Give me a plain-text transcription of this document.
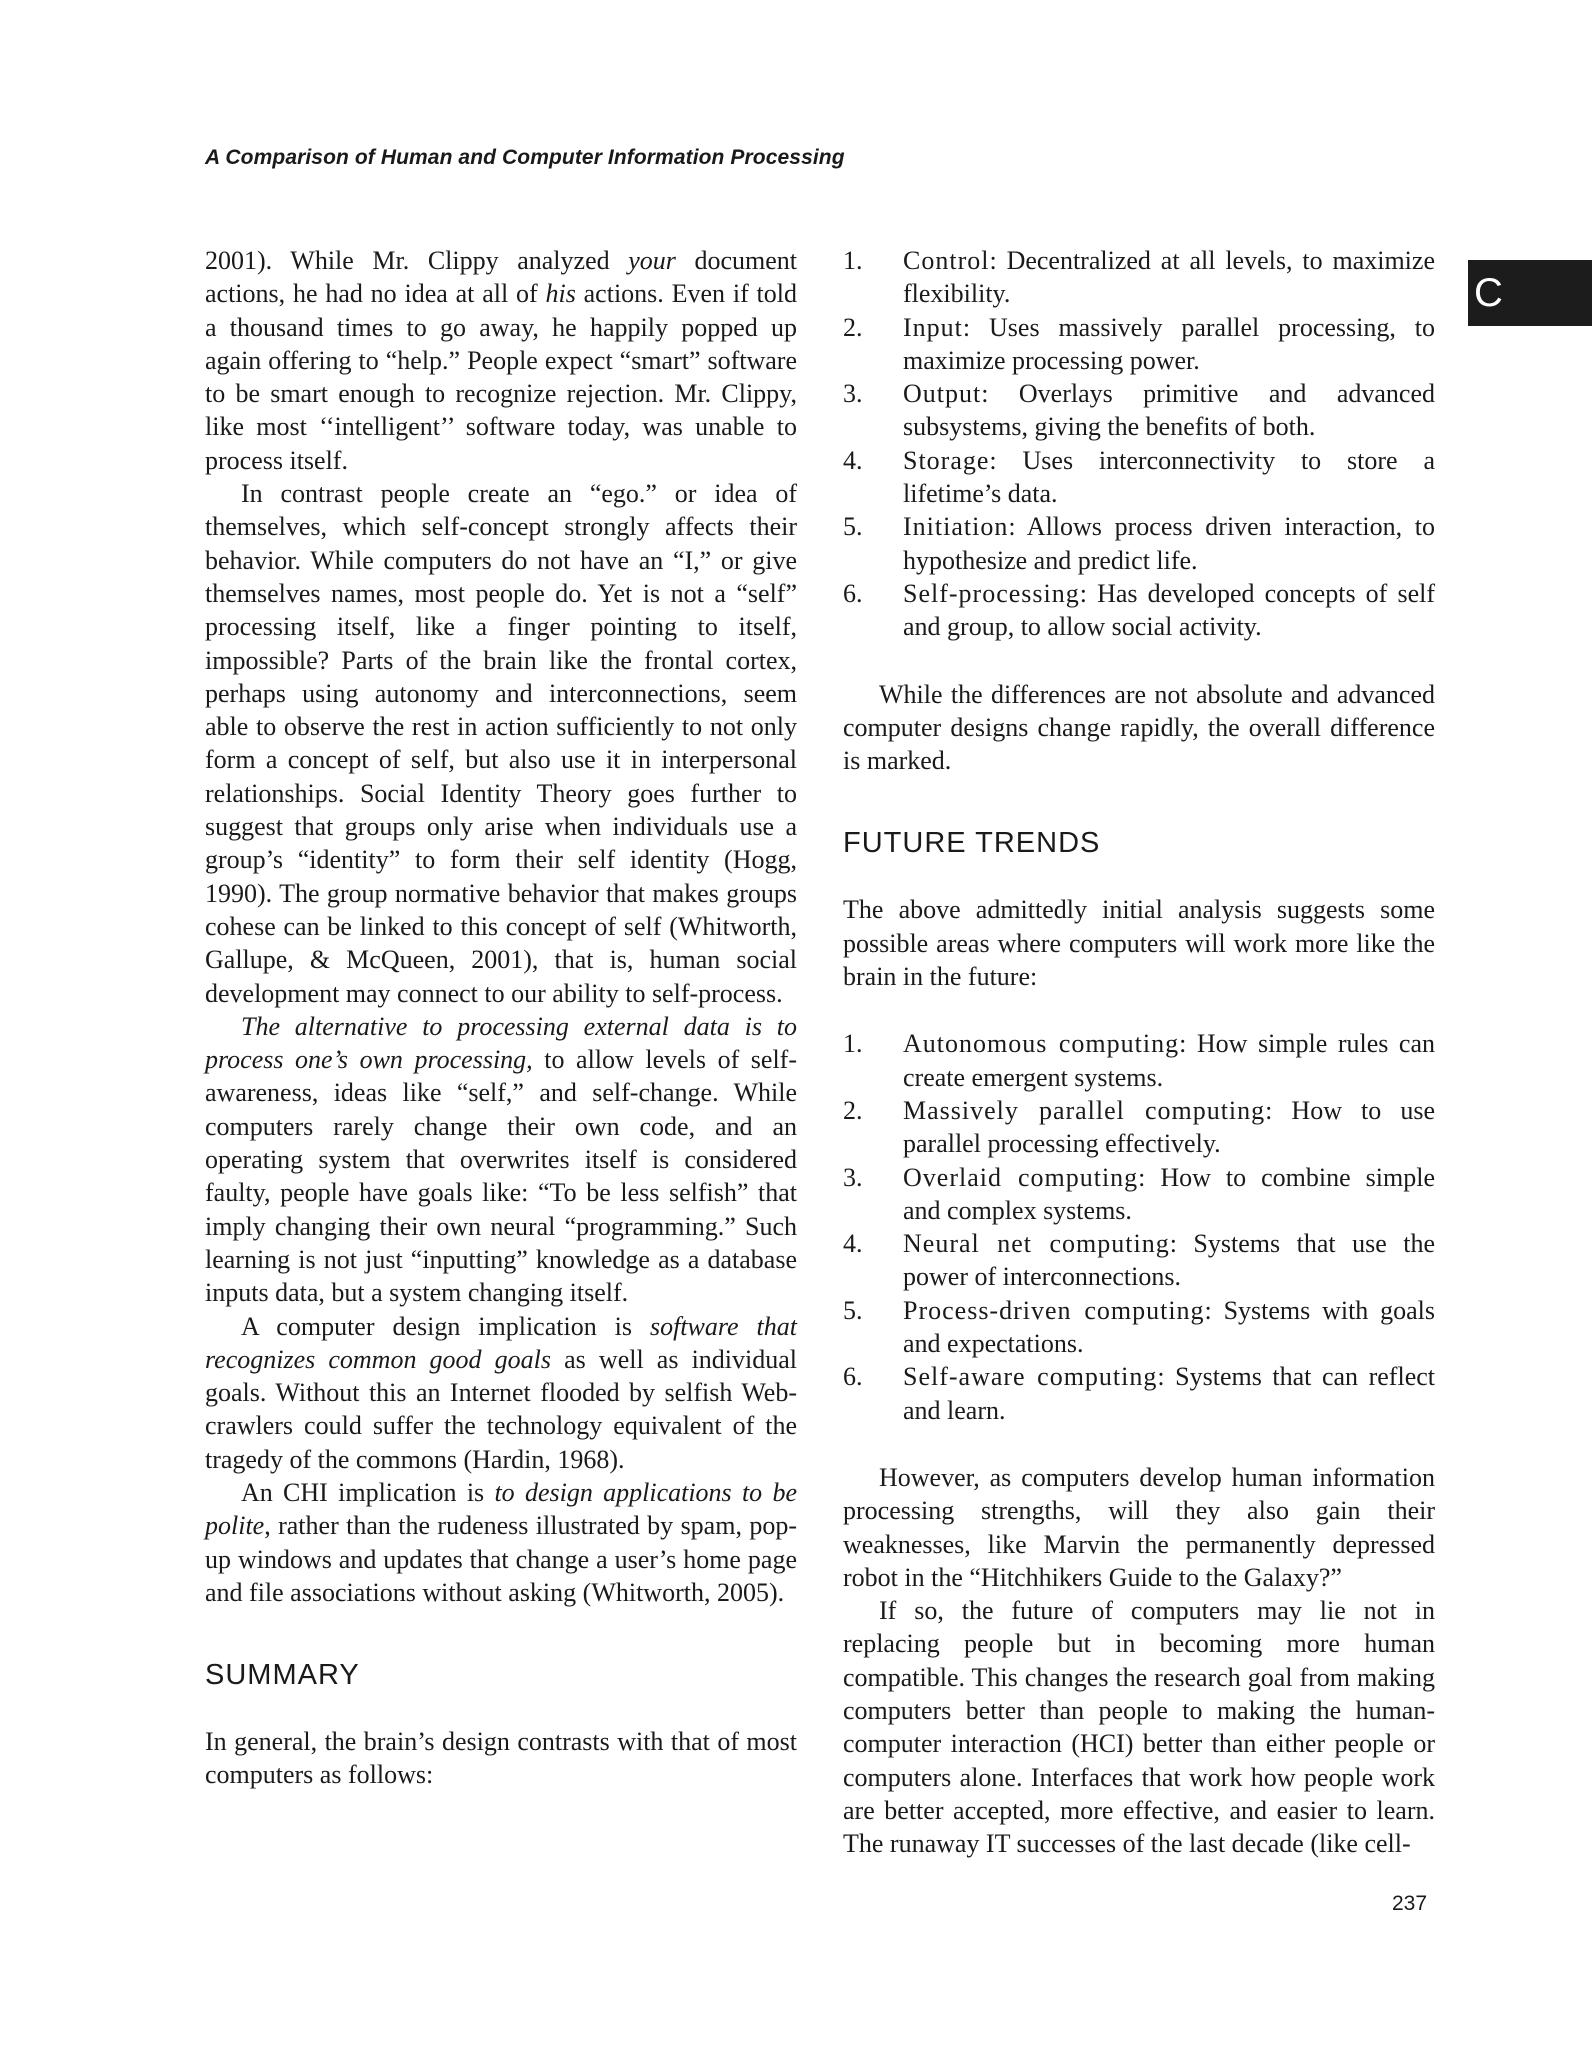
A Comparison of Human and Computer Information Processing
C

2001). While Mr. Clippy analyzed your document actions, he had no idea at all of his actions. Even if told a thousand times to go away, he happily popped up again offering to “help.” People expect “smart” software to be smart enough to recognize rejection. Mr. Clippy, like most ‘‘intelligent’’ software today, was unable to process itself.

In contrast people create an “ego.” or idea of themselves, which self-concept strongly affects their behavior. While computers do not have an “I,” or give themselves names, most people do. Yet is not a “self” processing itself, like a finger pointing to itself, impossible? Parts of the brain like the frontal cortex, perhaps using autonomy and interconnections, seem able to observe the rest in action sufficiently to not only form a concept of self, but also use it in interpersonal relationships. Social Identity Theory goes further to suggest that groups only arise when individuals use a group’s “identity” to form their self identity (Hogg, 1990). The group normative behavior that makes groups cohese can be linked to this concept of self (Whitworth, Gallupe, & McQueen, 2001), that is, human social development may connect to our ability to self-process.

The alternative to processing external data is to process one’s own processing, to allow levels of self-awareness, ideas like “self,” and self-change. While computers rarely change their own code, and an operating system that overwrites itself is considered faulty, people have goals like: “To be less selfish” that imply changing their own neural “programming.” Such learning is not just “inputting” knowledge as a database inputs data, but a system changing itself.

A computer design implication is software that recognizes common good goals as well as individual goals. Without this an Internet flooded by selfish Web-crawlers could suffer the technology equivalent of the tragedy of the commons (Hardin, 1968).

An CHI implication is to design applications to be polite, rather than the rudeness illustrated by spam, pop-up windows and updates that change a user’s home page and file associations without asking (Whitworth, 2005).

SUMMARY

In general, the brain’s design contrasts with that of most computers as follows:

1.	Control: Decentralized at all levels, to maximize flexibility.
2.	Input: Uses massively parallel processing, to maximize processing power.
3.	Output: Overlays primitive and advanced subsystems, giving the benefits of both.
4.	Storage: Uses interconnectivity to store a lifetime’s data.
5.	Initiation: Allows process driven interaction, to hypothesize and predict life.
6.	Self-processing: Has developed concepts of self and group, to allow social activity.

While the differences are not absolute and advanced computer designs change rapidly, the overall difference is marked.

FUTURE TRENDS

The above admittedly initial analysis suggests some possible areas where computers will work more like the brain in the future:

1.	Autonomous computing: How simple rules can create emergent systems.
2.	Massively parallel computing: How to use parallel processing effectively.
3.	Overlaid computing: How to combine simple and complex systems.
4.	Neural net computing: Systems that use the power of interconnections.
5.	Process-driven computing: Systems with goals and expectations.
6.	Self-aware computing: Systems that can reflect and learn.

However, as computers develop human information processing strengths, will they also gain their weaknesses, like Marvin the permanently depressed robot in the “Hitchhikers Guide to the Galaxy?”

If so, the future of computers may lie not in replacing people but in becoming more human compatible. This changes the research goal from making computers better than people to making the human-computer interaction (HCI) better than either people or computers alone. Interfaces that work how people work are better accepted, more effective, and easier to learn. The runaway IT successes of the last decade (like cell-

237
